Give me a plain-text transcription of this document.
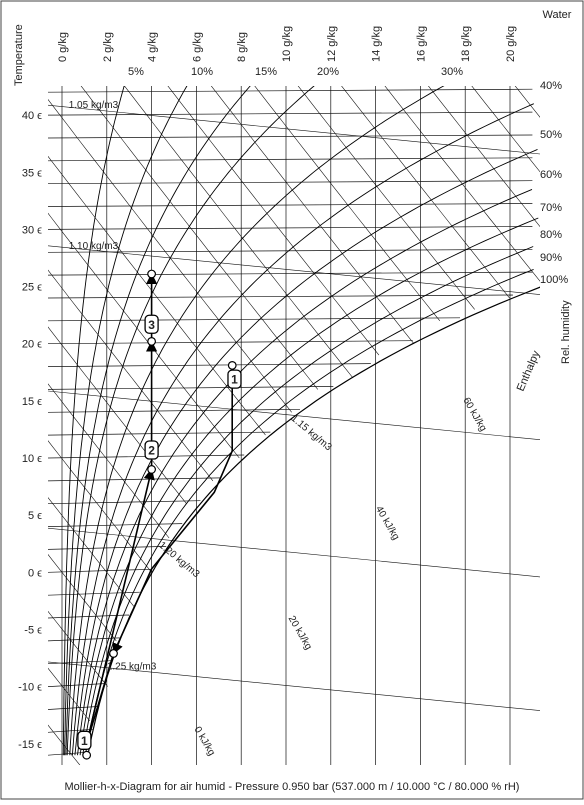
1
2
3
1
40 ϵ
35 ϵ
30 ϵ
25 ϵ
20 ϵ
15 ϵ
10 ϵ
5 ϵ
0 ϵ
-5 ϵ
-10 ϵ
-15 ϵ
0 g/kg	2 g/kg	4 g/kg	6 g/kg	8 g/kg	10 g/kg	12 g/kg	14 g/kg	16 g/kg	18 g/kg	20 g/kg
5%	10%	15%	20%	30%
40%
50%
60%
70%
80%
90%
100%
1.05 kg/m3
1.10 kg/m3
1.15 kg/m3
1.20 kg/m3
1.25 kg/m3
0 kJ/kg
20 kJ/kg
40 kJ/kg
60 kJ/kg
Mollier-h-x-Diagram for air humid - Pressure 0.950 bar (537.000 m / 10.000 °C / 80.000 % rH)
Temperature
Water
Rel. humidity
Enthalpy
